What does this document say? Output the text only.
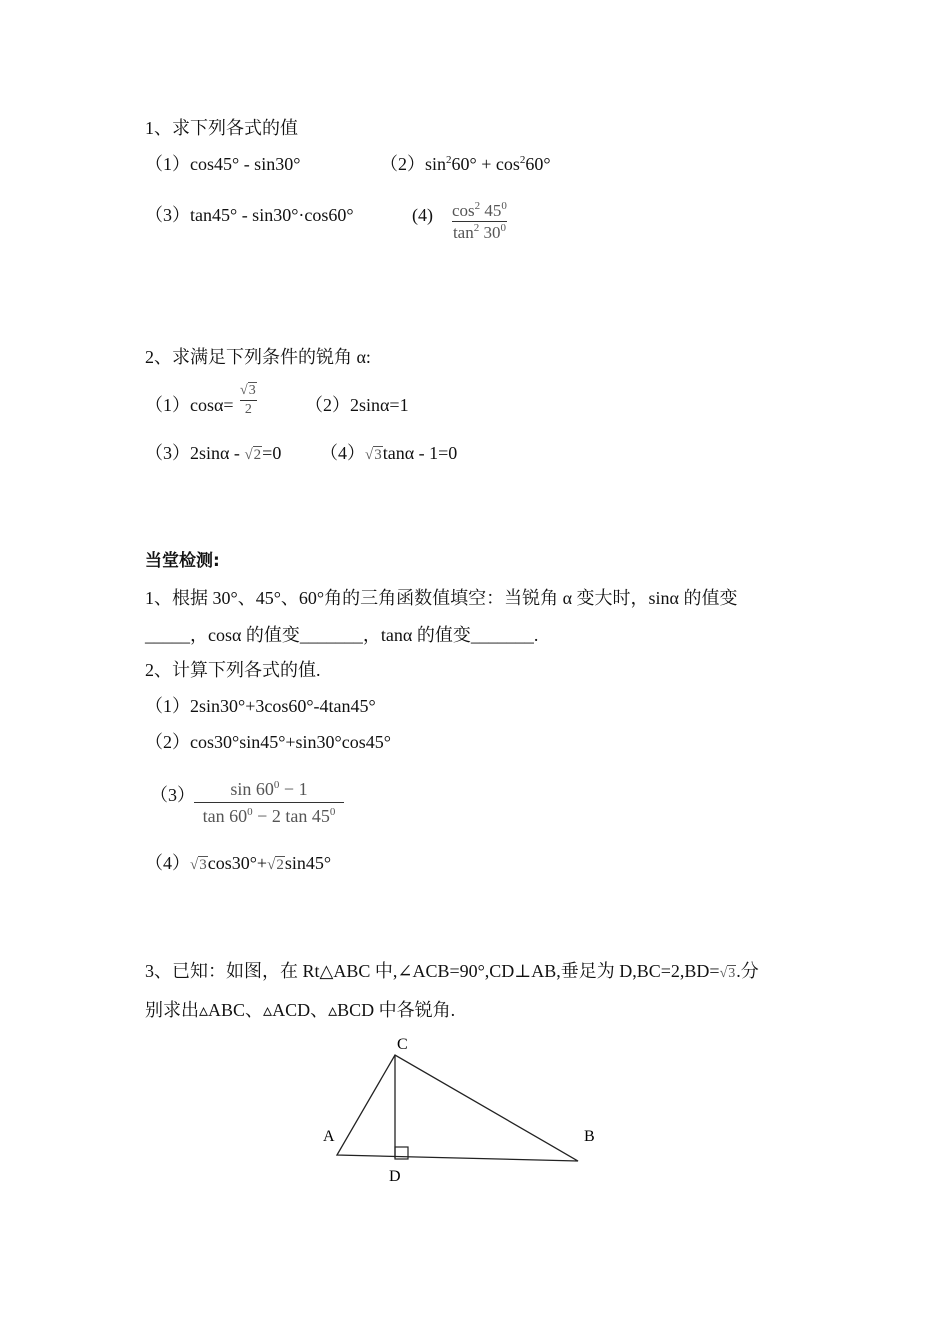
1、求下列各式的值
（1）cos45° - sin30°	$(2)\sin^260^\circ + \cos^260^\circ$
（3）tan45° - sin30°·cos60°	(4) $\cos^2 45^0$
$\tan^2 30^0$
2、求满足下列条件的锐角 α:
（1）cosα=
√3
2	（2）2sinα=1
（3）2sinα - √2=0 （4）√3tanα - 1=0
当堂检测:
1、根据 30°、45°、60°角的三角函数值填空：当锐角 α 变大时，sinα 的值变
_____，cosα 的值变_______，tanα 的值变_______.
2、计算下列各式的值.
（1）2sin30°+3cos60°-4tan45°
（2）cos30°sin45°+sin30°cos45°
（3）	$\sin 60^0 - 1$
$\tan 60^0 - 2$ $\tan 45^0$
（4）√3cos30°+√2sin45°
3、已知：如图，在 Rt△ABC 中,∠ACB=90°,CD⊥AB,垂足为 D,BC=2,BD=√3.分
别求出▵ABC、▵ACD、▵BCD 中各锐角.
C
A	B
D
